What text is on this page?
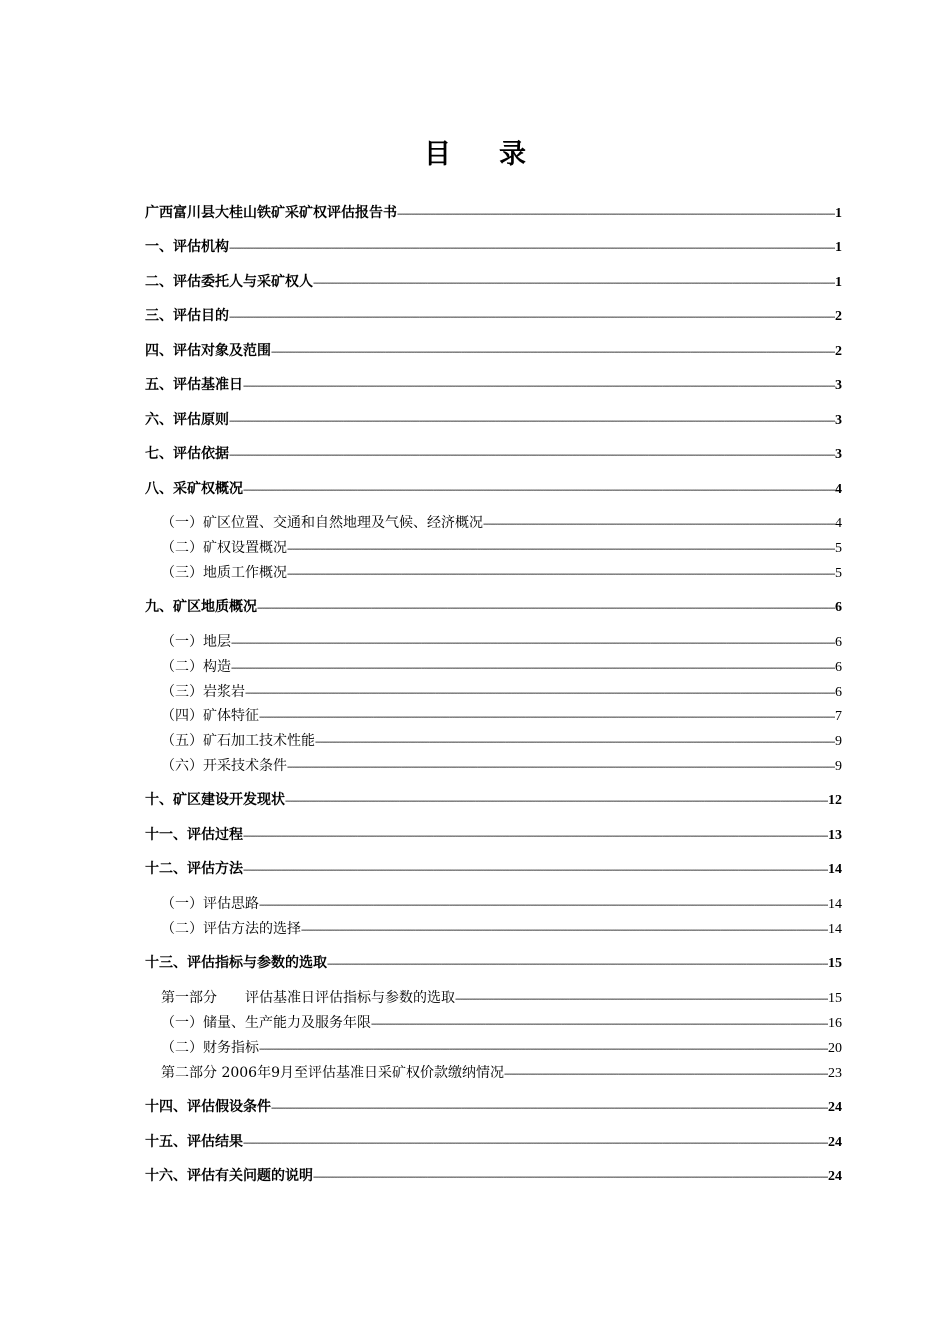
目 录
广西富川县大桂山铁矿采矿权评估报告书 -----	1
一、评估机构 -----	1
二、评估委托人与采矿权人 -----	1
三、评估目的 -----	2
四、评估对象及范围 -----	2
五、评估基准日 -----	3
六、评估原则 -----	3
七、评估依据 -----	3
八、采矿权概况 -----	4
（一）矿区位置、交通和自然地理及气候、经济概况 -----	4
（二）矿权设置概况 -----	5
（三）地质工作概况 -----	5
九、矿区地质概况 -----	6
（一）地层 -----	6
（二）构造 -----	6
（三）岩浆岩 -----	6
（四）矿体特征 -----	7
（五）矿石加工技术性能 -----	9
（六）开采技术条件 -----	9
十、矿区建设开发现状 -----	12
十一、评估过程 -----	13
十二、评估方法 -----	14
（一）评估思路 -----	14
（二）评估方法的选择 -----	14
十三、评估指标与参数的选取 -----	15
第一部分　　评估基准日评估指标与参数的选取 -----	15
（一）储量、生产能力及服务年限 -----	16
（二）财务指标 -----	20
第二部分 2006年9月至评估基准日采矿权价款缴纳情况 -----	23
十四、评估假设条件 -----	24
十五、评估结果 -----	24
十六、评估有关问题的说明 -----	24
